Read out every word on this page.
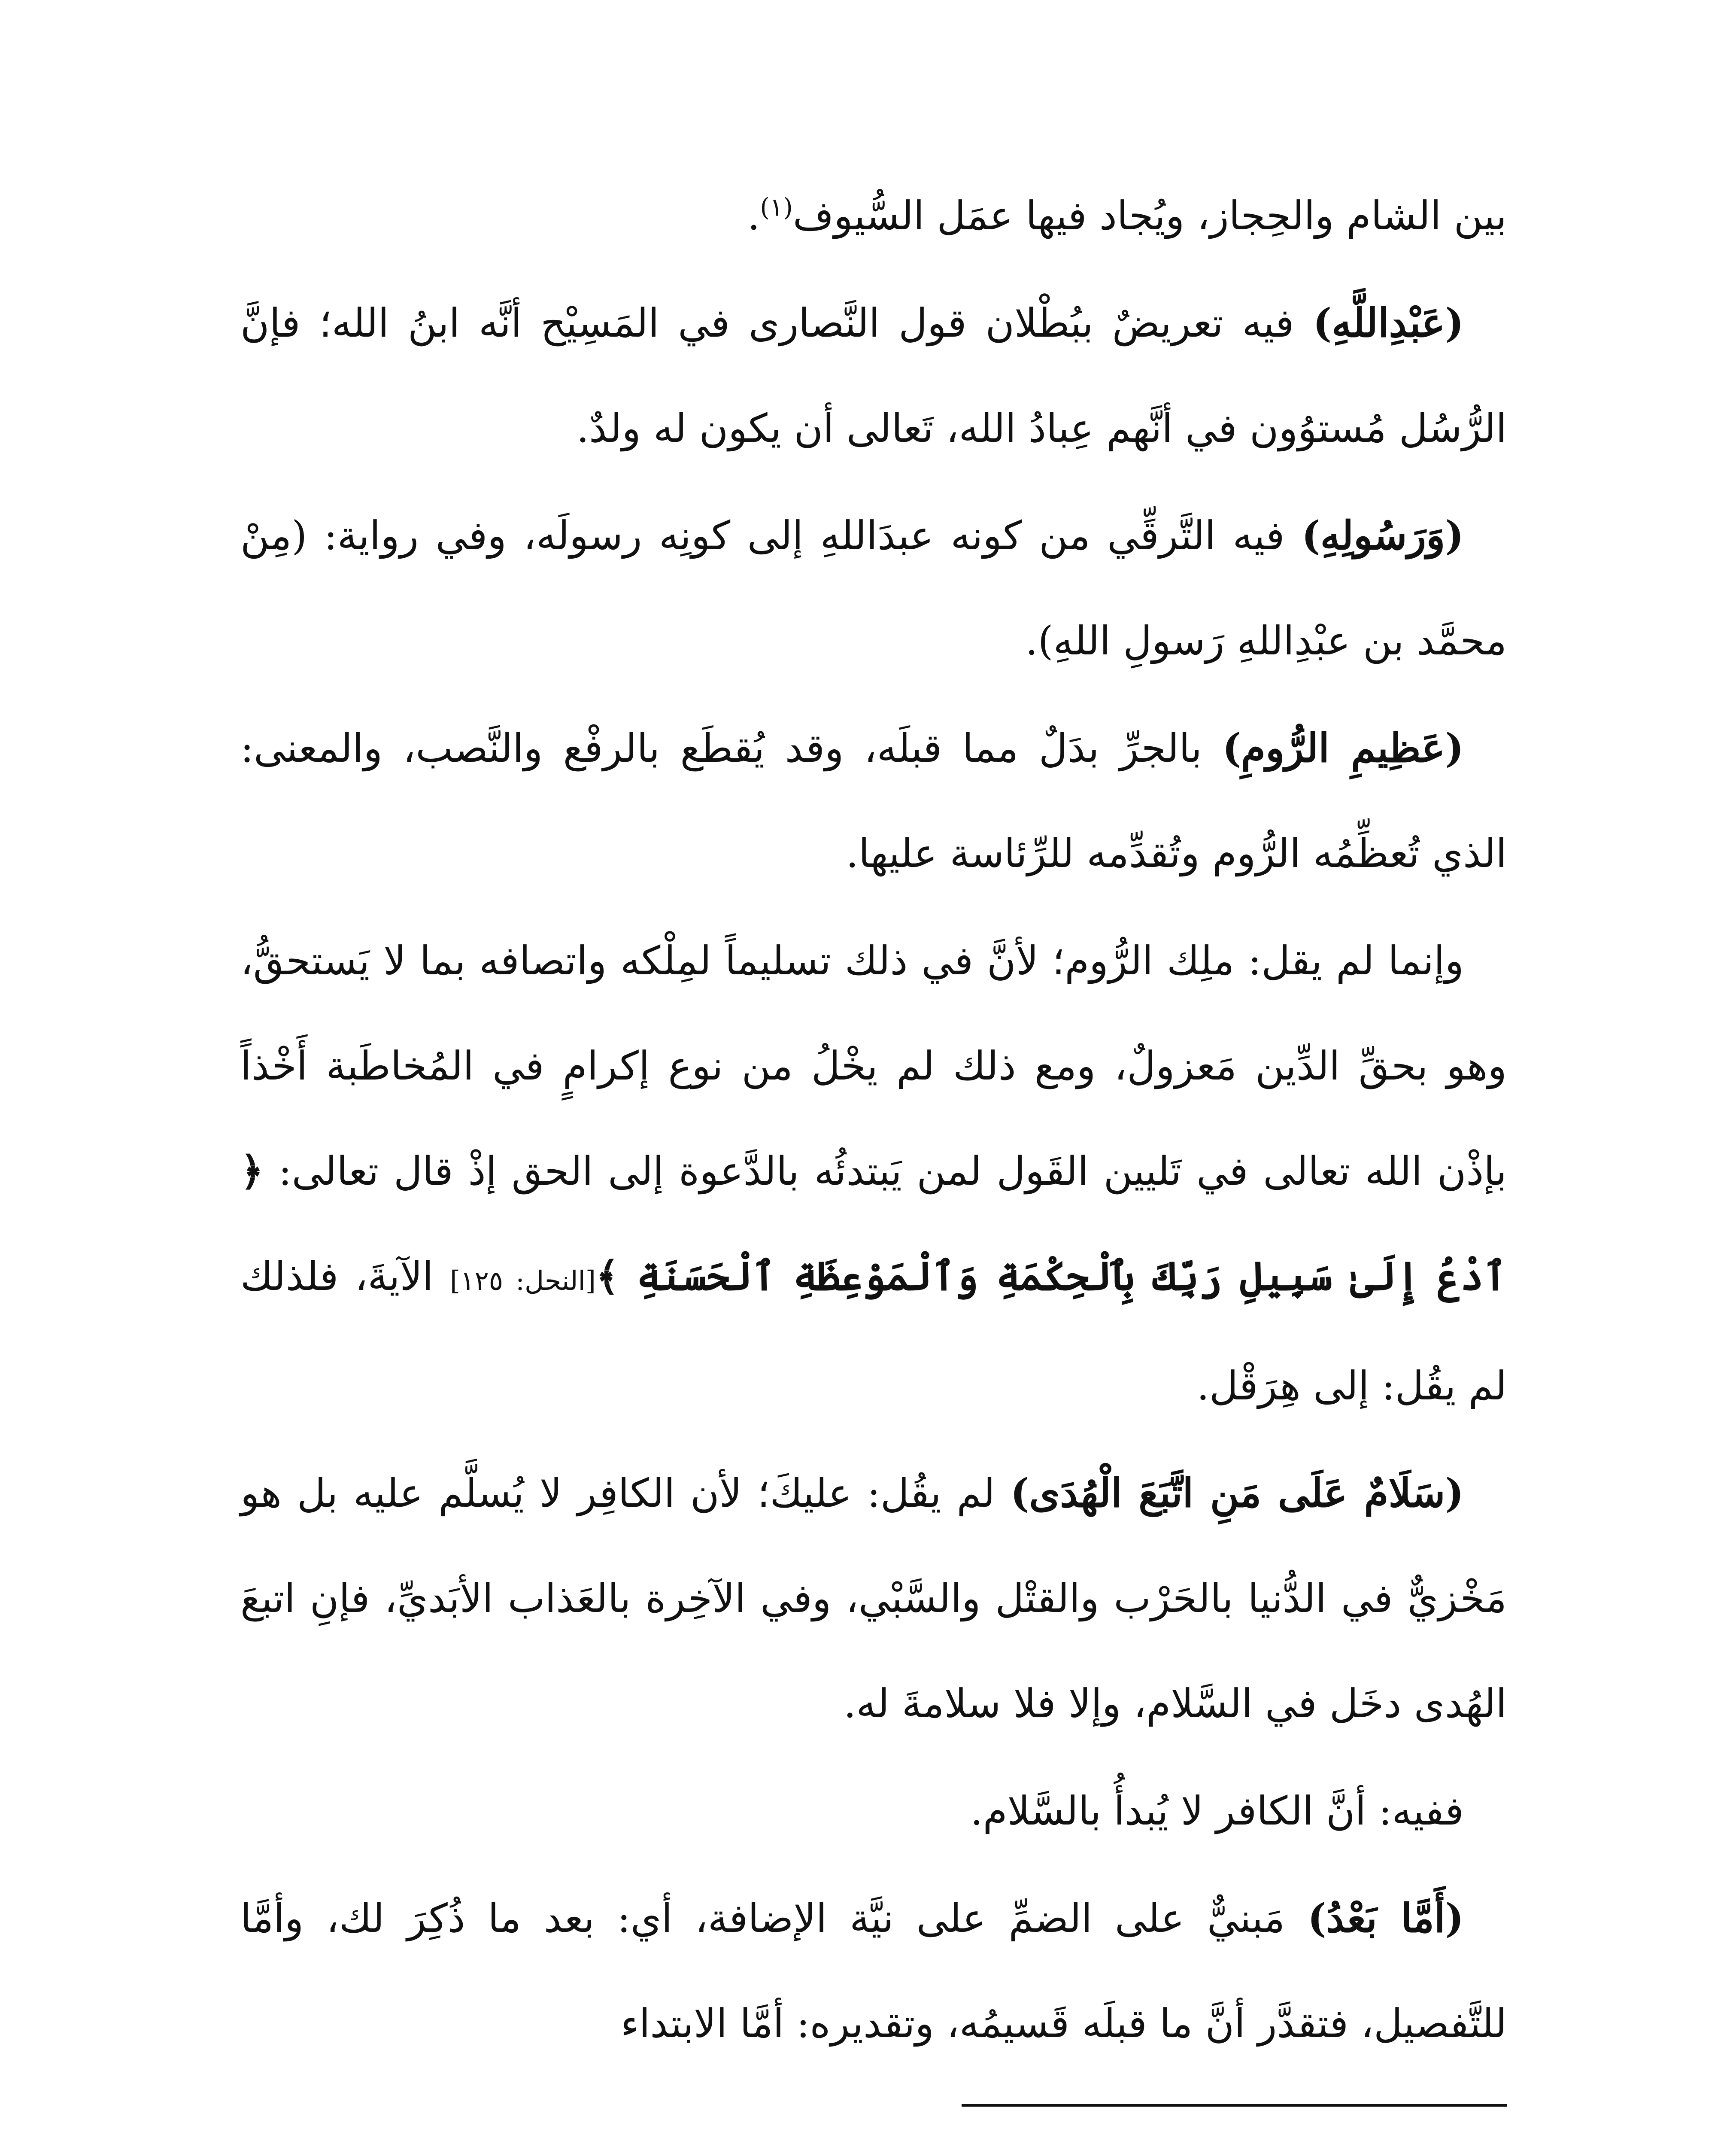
بين الشام والحِجاز، ويُجاد فيها عمَل السُّيوف$^{(١)}$.

(عَبْدِاللَّهِ) فيه تعريضٌ ببُطْلان قول النَّصارى في المَسِيْح أنَّه ابنُ الله؛ فإنَّ الرُّسُل مُستوُون في أنَّهم عِبادُ الله، تَعالى أن يكون له ولدٌ.

(وَرَسُولِهِ) فيه التَّرقِّي من كونه عبدَاللهِ إلى كونِه رسولَه، وفي رواية: (مِنْ محمَّد بن عبْدِاللهِ رَسولِ اللهِ).

(عَظِيمِ الرُّومِ) بالجرِّ بدَلٌ مما قبلَه، وقد يُقطَع بالرفْع والنَّصب، والمعنى: الذي تُعظِّمُه الرُّوم وتُقدِّمه للرِّئاسة عليها.

وإنما لم يقل: ملِك الرُّوم؛ لأنَّ في ذلك تسليماً لمِلْكه واتصافه بما لا يَستحقُّ، وهو بحقِّ الدِّين مَعزولٌ، ومع ذلك لم يخْلُ من نوع إكرامٍ في المُخاطَبة أَخْذاً بإذْن الله تعالى في تَليين القَول لمن يَبتدئُه بالدَّعوة إلى الحق إذْ قال تعالى: ﴿ ٱدْعُ إِلَىٰ سَبِيلِ رَبِّكَ بِٱلْحِكْمَةِ وَٱلْمَوْعِظَةِ ٱلْحَسَنَةِ ﴾[النحل: ١٢٥] الآيةَ، فلذلك لم يقُل: إلى هِرَقْل.

(سَلَامٌ عَلَى مَنِ اتَّبَعَ الْهُدَى) لم يقُل: عليكَ؛ لأن الكافِر لا يُسلَّم عليه بل هو مَخْزيٌّ في الدُّنيا بالحَرْب والقتْل والسَّبْي، وفي الآخِرة بالعَذاب الأبَديِّ، فإنِ اتبعَ الهُدى دخَل في السَّلام، وإلا فلا سلامةَ له.

ففيه: أنَّ الكافر لا يُبدأُ بالسَّلام.

(أَمَّا بَعْدُ) مَبنيٌّ على الضمِّ على نيَّة الإضافة، أي: بعد ما ذُكِرَ لك، وأمَّا للتَّفصيل، فتقدَّر أنَّ ما قبلَه قَسيمُه، وتقديره: أمَّا الابتداء
